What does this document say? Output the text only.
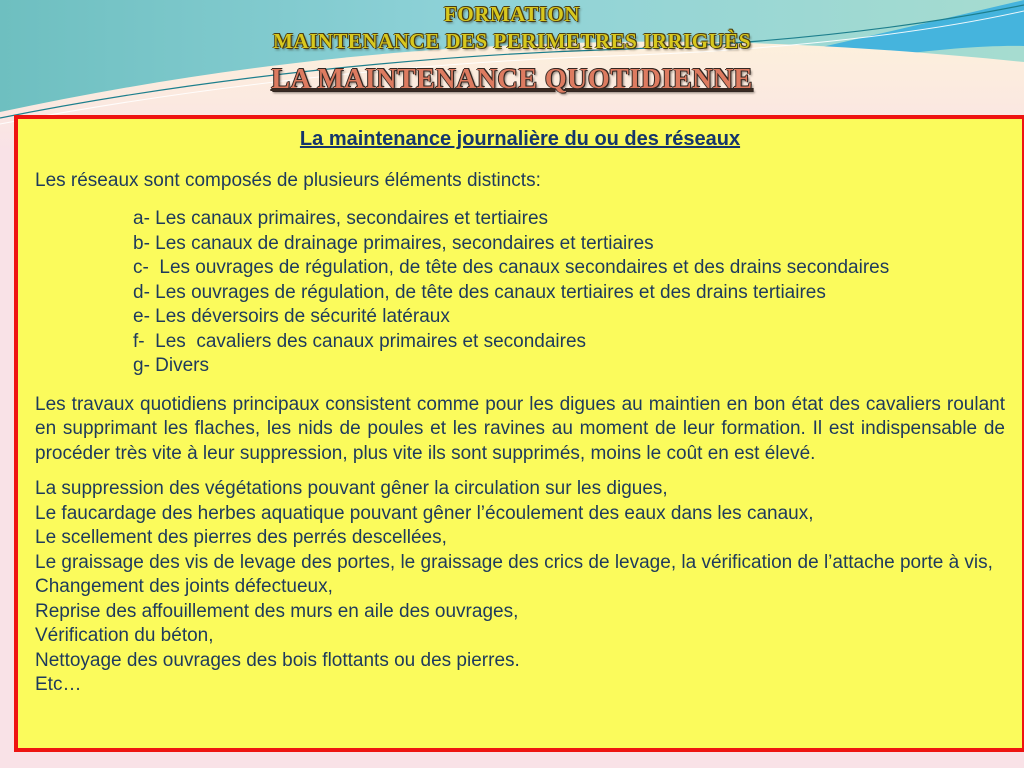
FORMATION
MAINTENANCE DES PERIMETRES IRRIGUÈS
LA MAINTENANCE QUOTIDIENNE
La maintenance journalière du ou des réseaux
Les réseaux sont composés de plusieurs éléments distincts:
a- Les canaux primaires, secondaires et tertiaires
b- Les canaux de drainage primaires, secondaires et tertiaires
c-  Les ouvrages de régulation, de tête des canaux secondaires et des drains secondaires
d- Les ouvrages de régulation, de tête des canaux tertiaires et des drains tertiaires
e- Les déversoirs de sécurité latéraux
f-  Les  cavaliers des canaux primaires et secondaires
g- Divers
Les travaux quotidiens principaux consistent comme pour les digues au maintien en bon état des cavaliers roulant en supprimant les flaches, les nids de poules et les ravines au moment de leur formation. Il est indispensable de procéder très vite à leur suppression, plus vite ils sont supprimés, moins le coût en est élevé.
La suppression des végétations pouvant gêner la circulation sur les digues,
Le faucardage des herbes aquatique pouvant gêner l’écoulement des eaux dans les canaux,
Le scellement des pierres des perrés descellées,
Le graissage des vis de levage des portes, le graissage des crics de levage, la vérification de l’attache porte à vis,
Changement des joints défectueux,
Reprise des affouillement des murs en aile des ouvrages,
Vérification du béton,
Nettoyage des ouvrages des bois flottants ou des pierres.
Etc…
